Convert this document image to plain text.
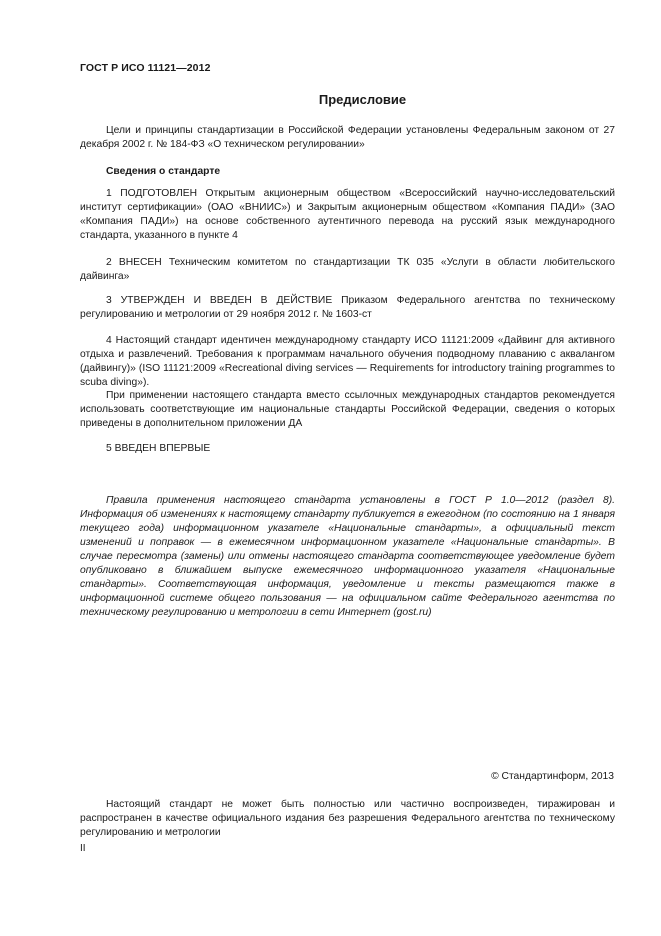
ГОСТ Р ИСО 11121—2012
Предисловие
Цели и принципы стандартизации в Российской Федерации установлены Федеральным законом от 27 декабря 2002 г. № 184-ФЗ «О техническом регулировании»
Сведения о стандарте
1 ПОДГОТОВЛЕН Открытым акционерным обществом «Всероссийский научно-исследовательский институт сертификации» (ОАО «ВНИИС») и Закрытым акционерным обществом «Компания ПАДИ» (ЗАО «Компания ПАДИ») на основе собственного аутентичного перевода на русский язык международного стандарта, указанного в пункте 4
2 ВНЕСЕН Техническим комитетом по стандартизации ТК 035 «Услуги в области любительского дайвинга»
3 УТВЕРЖДЕН И ВВЕДЕН В ДЕЙСТВИЕ Приказом Федерального агентства по техническому регулированию и метрологии от 29 ноября 2012 г. № 1603-ст
4 Настоящий стандарт идентичен международному стандарту ИСО 11121:2009 «Дайвинг для активного отдыха и развлечений. Требования к программам начального обучения подводному плаванию с аквалангом (дайвингу)» (ISO 11121:2009 «Recreational diving services — Requirements for introductory training programmes to scuba diving»).
При применении настоящего стандарта вместо ссылочных международных стандартов рекомендуется использовать соответствующие им национальные стандарты Российской Федерации, сведения о которых приведены в дополнительном приложении ДА
5 ВВЕДЕН ВПЕРВЫЕ
Правила применения настоящего стандарта установлены в ГОСТ Р 1.0—2012 (раздел 8). Информация об изменениях к настоящему стандарту публикуется в ежегодном (по состоянию на 1 января текущего года) информационном указателе «Национальные стандарты», а официальный текст изменений и поправок — в ежемесячном информационном указателе «Национальные стандарты». В случае пересмотра (замены) или отмены настоящего стандарта соответствующее уведомление будет опубликовано в ближайшем выпуске ежемесячного информационного указателя «Национальные стандарты». Соответствующая информация, уведомление и тексты размещаются также в информационной системе общего пользования — на официальном сайте Федерального агентства по техническому регулированию и метрологии в сети Интернет (gost.ru)
© Стандартинформ, 2013
Настоящий стандарт не может быть полностью или частично воспроизведен, тиражирован и распространен в качестве официального издания без разрешения Федерального агентства по техническому регулированию и метрологии
II
